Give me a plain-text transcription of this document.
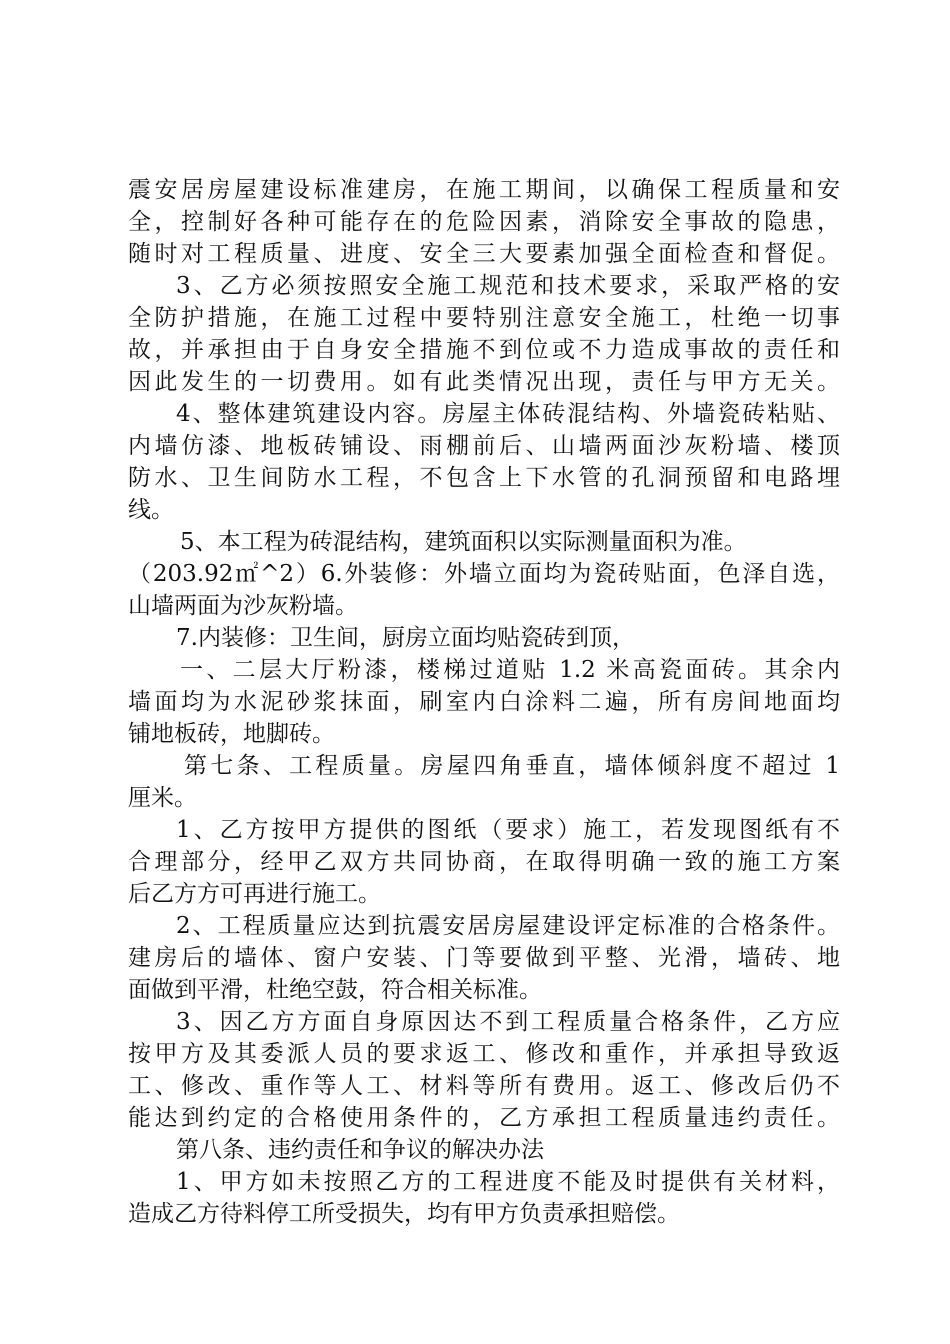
震安居房屋建设标准建房，在施工期间，以确保工程质量和安

全，控制好各种可能存在的危险因素，消除安全事故的隐患，

随时对工程质量、进度、安全三大要素加强全面检查和督促。

3、乙方必须按照安全施工规范和技术要求，采取严格的安

全防护措施，在施工过程中要特别注意安全施工，杜绝一切事

故，并承担由于自身安全措施不到位或不力造成事故的责任和

因此发生的一切费用。如有此类情况出现，责任与甲方无关。

4、整体建筑建设内容。房屋主体砖混结构、外墙瓷砖粘贴、

内墙仿漆、地板砖铺设、雨棚前后、山墙两面沙灰粉墙、楼顶

防水、卫生间防水工程，不包含上下水管的孔洞预留和电路埋

线。

5、本工程为砖混结构，建筑面积以实际测量面积为准。

（203.92㎡^2）6.外装修：外墙立面均为瓷砖贴面，色泽自选，

山墙两面为沙灰粉墙。

7.内装修：卫生间，厨房立面均贴瓷砖到顶，

一、二层大厅粉漆，楼梯过道贴 1.2 米高瓷面砖。其余内

墙面均为水泥砂浆抹面，刷室内白涂料二遍，所有房间地面均

铺地板砖，地脚砖。

第七条、工程质量。房屋四角垂直，墙体倾斜度不超过 1

厘米。

1、乙方按甲方提供的图纸（要求）施工，若发现图纸有不

合理部分，经甲乙双方共同协商，在取得明确一致的施工方案

后乙方方可再进行施工。

2、工程质量应达到抗震安居房屋建设评定标准的合格条件。

建房后的墙体、窗户安装、门等要做到平整、光滑，墙砖、地

面做到平滑，杜绝空鼓，符合相关标准。

3、因乙方方面自身原因达不到工程质量合格条件，乙方应

按甲方及其委派人员的要求返工、修改和重作，并承担导致返

工、修改、重作等人工、材料等所有费用。返工、修改后仍不

能达到约定的合格使用条件的，乙方承担工程质量违约责任。

第八条、违约责任和争议的解决办法

1、甲方如未按照乙方的工程进度不能及时提供有关材料，

造成乙方待料停工所受损失，均有甲方负责承担赔偿。
